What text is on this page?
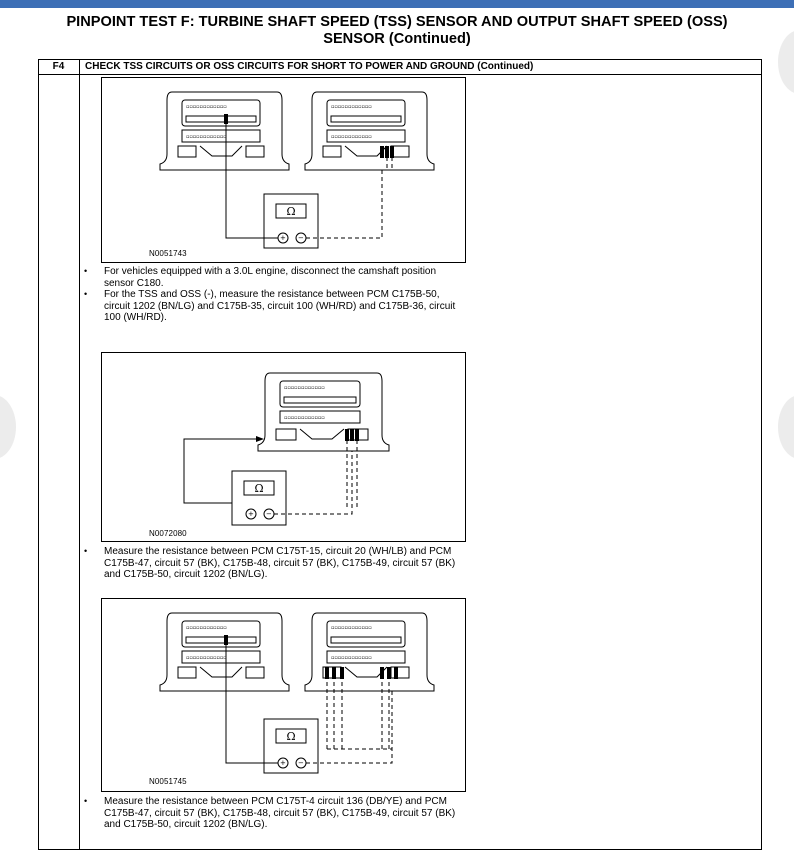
PINPOINT TEST F: TURBINE SHAFT SPEED (TSS) SENSOR AND OUTPUT SHAFT SPEED (OSS)
SENSOR (Continued)
F4	CHECK TSS CIRCUITS OR OSS CIRCUITS FOR SHORT TO POWER AND GROUND (Continued)
▫▫▫▫▫▫▫▫▫▫▫▫
▫▫▫▫▫▫▫▫▫▫▫▫
▫▫▫▫▫▫▫▫▫▫▫▫
▫▫▫▫▫▫▫▫▫▫▫▫
+ −
Ω
N0051743
• For vehicles equipped with a 3.0L engine, disconnect the camshaft position sensor C180.
• For the TSS and OSS (-), measure the resistance between PCM C175B-50, circuit 1202 (BN/LG) and C175B-35, circuit 100 (WH/RD) and C175B-36, circuit 100 (WH/RD).
▫▫▫▫▫▫▫▫▫▫▫▫
▫▫▫▫▫▫▫▫▫▫▫▫
+ −
Ω
N0072080
• Measure the resistance between PCM C175T-15, circuit 20 (WH/LB) and PCM C175B-47, circuit 57 (BK), C175B-48, circuit 57 (BK), C175B-49, circuit 57 (BK) and C175B-50, circuit 1202 (BN/LG).
▫▫▫▫▫▫▫▫▫▫▫▫
▫▫▫▫▫▫▫▫▫▫▫▫
▫▫▫▫▫▫▫▫▫▫▫▫
▫▫▫▫▫▫▫▫▫▫▫▫
+ −
Ω
N0051745
• Measure the resistance between PCM C175T-4 circuit 136 (DB/YE) and PCM C175B-47, circuit 57 (BK), C175B-48, circuit 57 (BK), C175B-49, circuit 57 (BK) and C175B-50, circuit 1202 (BN/LG).
